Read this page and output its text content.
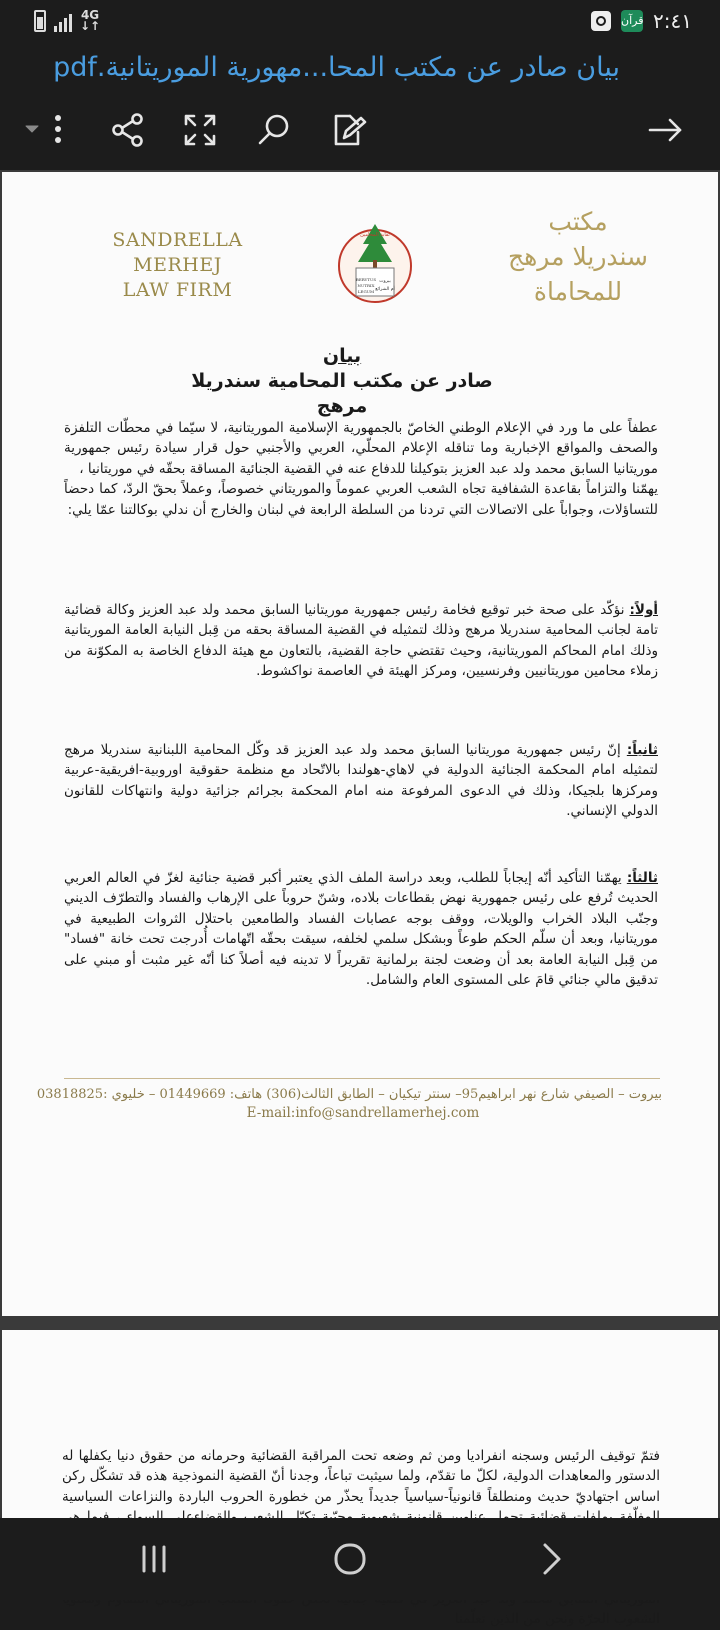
4G
↓↑	قرآن ٢:٤١
بيان صادر عن مكتب المحا...مهورية الموريتانية.pdf
SANDRELLA MERHEJ
LAW FIRM
نقابة المحامين
BERYTUS
NUTRIX
LEGUM
بيروت
أم الشرائع
مكتب
سندريلا مرهج
للمحاماة
بيان
صادر عن مكتب المحامية سندريلا مرهج
عطفاً على ما ورد في الإعلام الوطني الخاصّ بالجمهورية الإسلامية الموريتانية، لا سيّما في محطّات التلفزة والصحف والمواقع الإخبارية وما تناقله الإعلام المحلّي، العربي والأجنبي حول قرار سيادة رئيس جمهورية موريتانيا السابق محمد ولد عبد العزيز بتوكيلنا للدفاع عنه في القضية الجنائية المساقة بحقّه في موريتانيا ،
يهمّنا والتزاماً بقاعدة الشفافية تجاه الشعب العربي عموماً والموريتاني خصوصاً، وعملاً بحقّ الردّ، كما دحضاً للتساؤلات، وجواباً على الاتصالات التي تردنا من السلطة الرابعة في لبنان والخارج أن ندلي بوكالتنا عمّا يلي:
أولاً: نؤكّد على صحة خبر توقيع فخامة رئيس جمهورية موريتانيا السابق محمد ولد عبد العزيز وكالة قضائية تامة لجانب المحامية سندريلا مرهج وذلك لتمثيله في القضية المساقة بحقه من قِبل النيابة العامة الموريتانية وذلك امام المحاكم الموريتانية، وحيث تقتضي حاجة القضية، بالتعاون مع هيئة الدفاع الخاصة به المكوّنة من زملاء محامين موريتانيين وفرنسيين، ومركز الهيئة في العاصمة نواكشوط.
ثانياً: إنّ رئيس جمهورية موريتانيا السابق محمد ولد عبد العزيز قد وكّل المحامية اللبنانية سندريلا مرهج لتمثيله امام المحكمة الجنائية الدولية في لاهاي-هولندا بالاتّحاد مع منظمة حقوقية اوروبية-افريقية-عربية ومركزها بلجيكا، وذلك في الدعوى المرفوعة منه امام المحكمة بجرائم جزائية دولية وانتهاكات للقانون الدولي الإنساني.
ثالثاً: يهمّنا التأكيد أنّه إيجاباً للطلب، وبعد دراسة الملف الذي يعتبر أكبر قضية جنائية لغزّ في العالم العربي الحديث تُرفع على رئيس جمهورية نهض بقطاعات بلاده، وشنّ حروباً على الإرهاب والفساد والتطرّف الديني وجنّب البلاد الخراب والويلات، ووقف بوجه عصابات الفساد والطامعين باحتلال الثروات الطبيعية في موريتانيا، وبعد أن سلّم الحكم طوعاً وبشكل سلمي لخلفه، سيقت بحقّه اتّهامات أُدرجت تحت خانة "فساد" من قِبل النيابة العامة بعد أن وضعت لجنة برلمانية تقريراً لا تدينه فيه أصلاً كنا أنّه غير مثبت أو مبني على تدقيق مالي جنائي قامَ على المستوى العام والشامل.
بيروت – الصيفي شارع نهر ابراهيم95– سنتر تيكيان – الطابق الثالث(306) هاتف: 01449669 – خليوي :03818825
E-mail:info@sandrellamerhej.com
فتمّ توقيف الرئيس وسجنه انفراديا ومن ثم وضعه تحت المراقبة القضائية وحرمانه من حقوق دنيا يكفلها له الدستور والمعاهدات الدولية، لكلّ ما تقدّم، ولما سيثبت تباعاً، وجدنا أنّ القضية النموذجية هذه قد تشكّل ركن اساس اجتهاديّ حديث ومنطلقاً قانونياً-سياسياً جديداً يحذّر من خطورة الحروب الباردة والنزاعات السياسية الشعوب الحرّة ونحن من الذين تعلّمنا
